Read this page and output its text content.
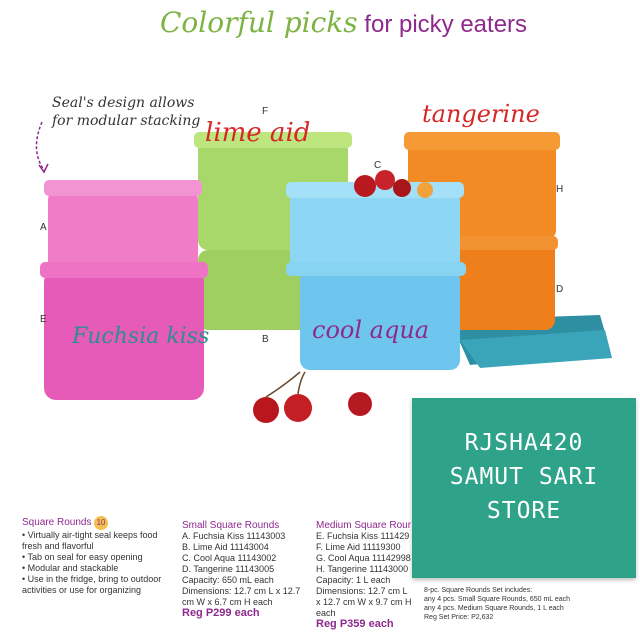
Colorful picks for picky eaters
Seal's design allows for modular stacking
F
C
H
A
D
E
B
lime aid
tangerine
Fuchsia kiss	cool aqua
RJSHA420
SAMUT SARI
STORE
Square Rounds 10
• Virtually air-tight seal keeps food fresh and flavorful
• Tab on seal for easy opening
• Modular and stackable
• Use in the fridge, bring to outdoor activities or use for organizing
Small Square Rounds
A. Fuchsia Kiss 11143003
B. Lime Aid 11143004
C. Cool Aqua 11143002
D. Tangerine 11143005
Capacity: 650 mL each
Dimensions: 12.7 cm L x 12.7 cm W x 6.7 cm H each
Reg P299 each
Medium Square Rour
E. Fuchsia Kiss 111429
F. Lime Aid 11119300
G. Cool Aqua 11142998
H. Tangerine 11143000
Capacity: 1 L each
Dimensions: 12.7 cm L x 12.7 cm W x 9.7 cm H each
Reg P359 each
8-pc. Square Rounds Set includes:
any 4 pcs. Small Square Rounds, 650 mL each
any 4 pcs. Medium Square Rounds, 1 L each
Reg Set Price: P2,632
